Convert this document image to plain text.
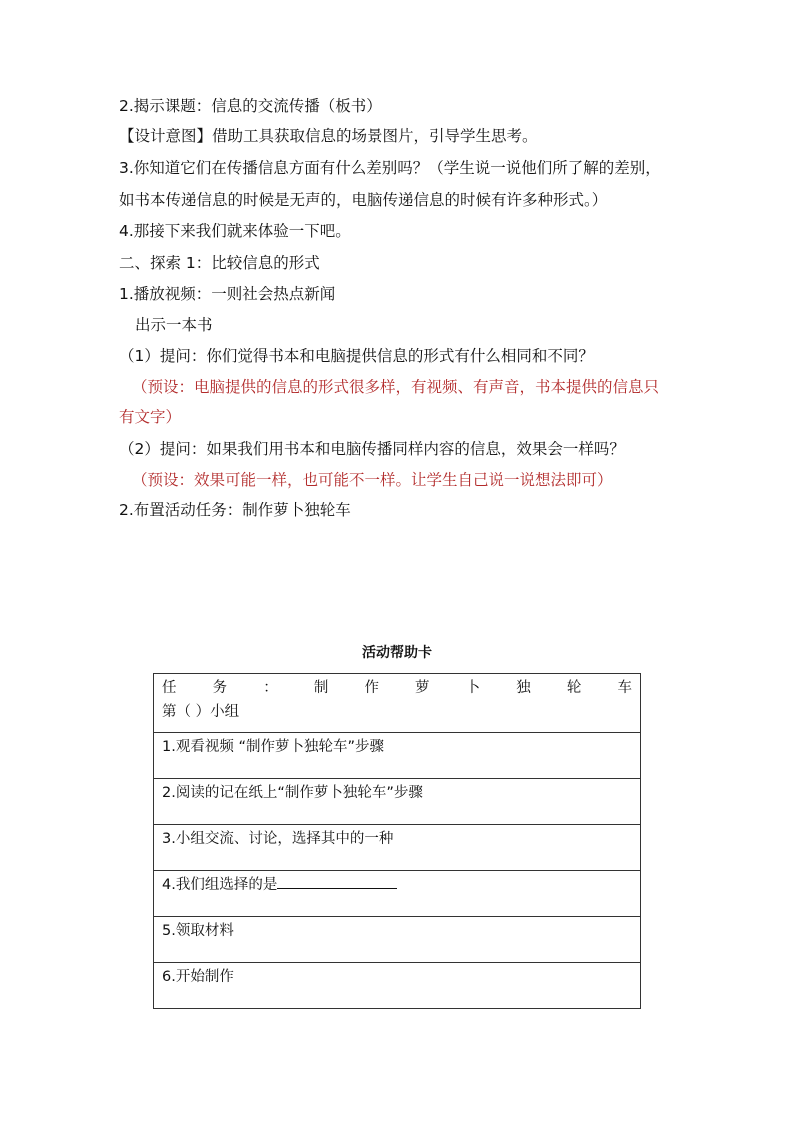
2.揭示课题：信息的交流传播（板书）
【设计意图】借助工具获取信息的场景图片，引导学生思考。
3.你知道它们在传播信息方面有什么差别吗？（学生说一说他们所了解的差别，
如书本传递信息的时候是无声的，电脑传递信息的时候有许多种形式。）
4.那接下来我们就来体验一下吧。
二、探索 1：比较信息的形式
1.播放视频：一则社会热点新闻
出示一本书
（1）提问：你们觉得书本和电脑提供信息的形式有什么相同和不同？
（预设：电脑提供的信息的形式很多样，有视频、有声音，书本提供的信息只
有文字）
（2）提问：如果我们用书本和电脑传播同样内容的信息，效果会一样吗？
（预设：效果可能一样，也可能不一样。让学生自己说一说想法即可）
2.布置活动任务：制作萝卜独轮车
活动帮助卡
任 务 ： 制 作 萝 卜 独 轮 车
第（ ）小组

1.观看视频 “制作萝卜独轮车”步骤
2.阅读的记在纸上“制作萝卜独轮车”步骤
3.小组交流、讨论，选择其中的一种
4.我们组选择的是
5.领取材料
6.开始制作
